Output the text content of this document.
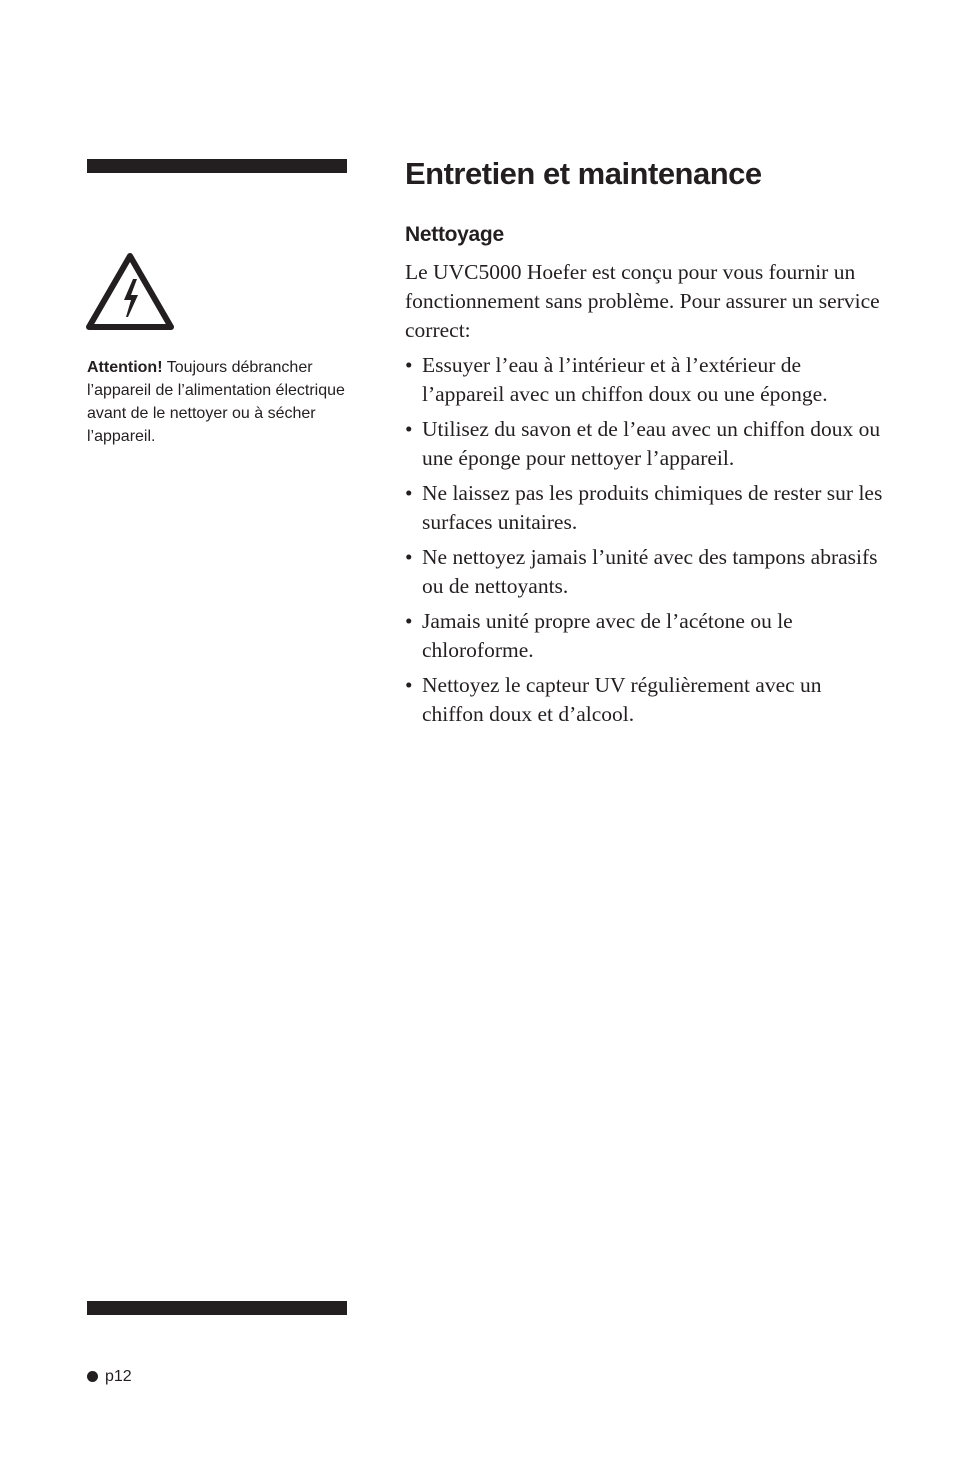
Attention! Toujours débrancher l’appareil de l’alimentation électrique avant de le nettoyer ou à sécher l’appareil.
Entretien et maintenance
Nettoyage

Le UVC5000 Hoefer est conçu pour vous fournir un fonctionnement sans problème. Pour assurer un service correct:

• Essuyer l’eau à l’intérieur et à l’extérieur de l’appareil avec un chiffon doux ou une éponge.
• Utilisez du savon et de l’eau avec un chiffon doux ou une éponge pour nettoyer l’appareil.
• Ne laissez pas les produits chimiques de rester sur les surfaces unitaires.
• Ne nettoyez jamais l’unité avec des tampons abrasifs ou de nettoyants.
• Jamais unité propre avec de l’acétone ou le chloroforme.
• Nettoyez le capteur UV régulièrement avec un chiffon doux et d’alcool.
p12
